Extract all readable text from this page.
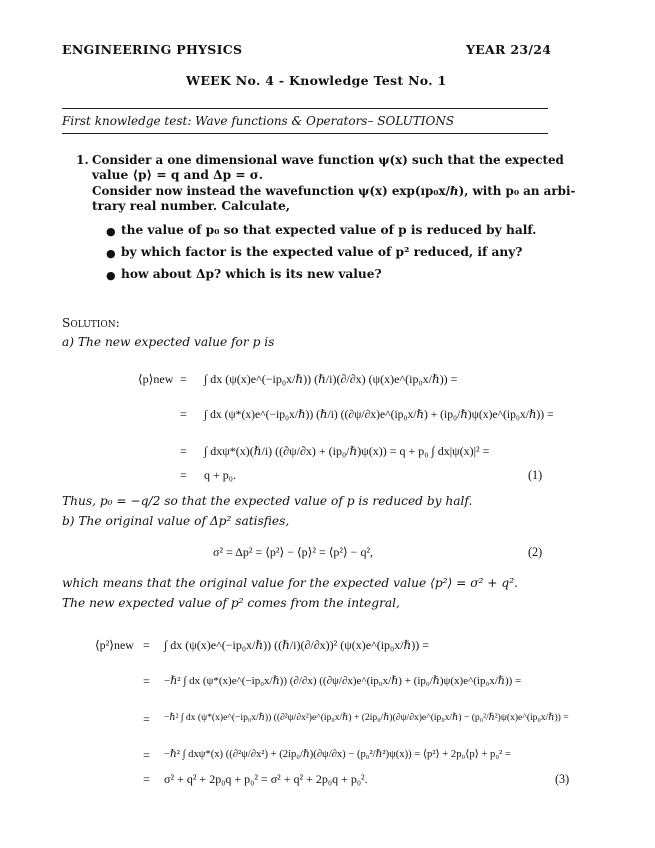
ENGINEERING PHYSICS	YEAR 23/24
WEEK No. 4 - Knowledge Test No. 1
First knowledge test: Wave functions & Operators– SOLUTIONS
1. Consider a one dimensional wave function ψ(x) such that the expected
value ⟨p⟩ = q and Δp = σ.
Consider now instead the wavefunction ψ(x) exp(ıp₀x/ℏ), with p₀ an arbi-
trary real number. Calculate,
● the value of p₀ so that expected value of p is reduced by half.
● by which factor is the expected value of p² reduced, if any?
● how about Δp? which is its new value?
Solution:
a) The new expected value for p is
⟨p⟩new = ∫ dx (ψ(x)e^(−ip₀x/ℏ)) (ℏ/i)(∂/∂x) (ψ(x)e^(ip₀x/ℏ)) =
= ∫ dx (ψ*(x)e^(−ip₀x/ℏ)) (ℏ/i) ((∂ψ/∂x)e^(ip₀x/ℏ) + (ip₀/ℏ)ψ(x)e^(ip₀x/ℏ)) =
= ∫ dxψ*(x)(ℏ/i) ((∂ψ/∂x) + (ip₀/ℏ)ψ(x)) = q + p₀ ∫ dx|ψ(x)|² =
= q + p₀.	(1)
Thus, p₀ = −q/2 so that the expected value of p is reduced by half.
b) The original value of Δp² satisfies,
σ² = Δp² = ⟨p²⟩ − ⟨p⟩² = ⟨p²⟩ − q²,	(2)
which means that the original value for the expected value ⟨p²⟩ = σ² + q².
The new expected value of p² comes from the integral,
⟨p²⟩new = ∫ dx (ψ(x)e^(−ip₀x/ℏ)) ((ℏ/i)(∂/∂x))² (ψ(x)e^(ip₀x/ℏ)) =
= −ℏ² ∫ dx (ψ*(x)e^(−ip₀x/ℏ)) (∂/∂x) ((∂ψ/∂x)e^(ip₀x/ℏ) + (ip₀/ℏ)ψ(x)e^(ip₀x/ℏ)) =
= −ℏ² ∫ dx (ψ*(x)e^(−ip₀x/ℏ)) ((∂²ψ/∂x²)e^(ip₀x/ℏ) + (2ip₀/ℏ)(∂ψ/∂x)e^(ip₀x/ℏ) − (p₀²/ℏ²)ψ(x)e^(ip₀x/ℏ)) =
= −ℏ² ∫ dxψ*(x) ((∂²ψ/∂x²) + (2ip₀/ℏ)(∂ψ/∂x) − (p₀²/ℏ²)ψ(x)) = ⟨p²⟩ + 2p₀⟨p⟩ + p₀² =
= σ² + q² + 2p₀q + p₀² = σ² + q² + 2p₀q + p₀².	(3)
